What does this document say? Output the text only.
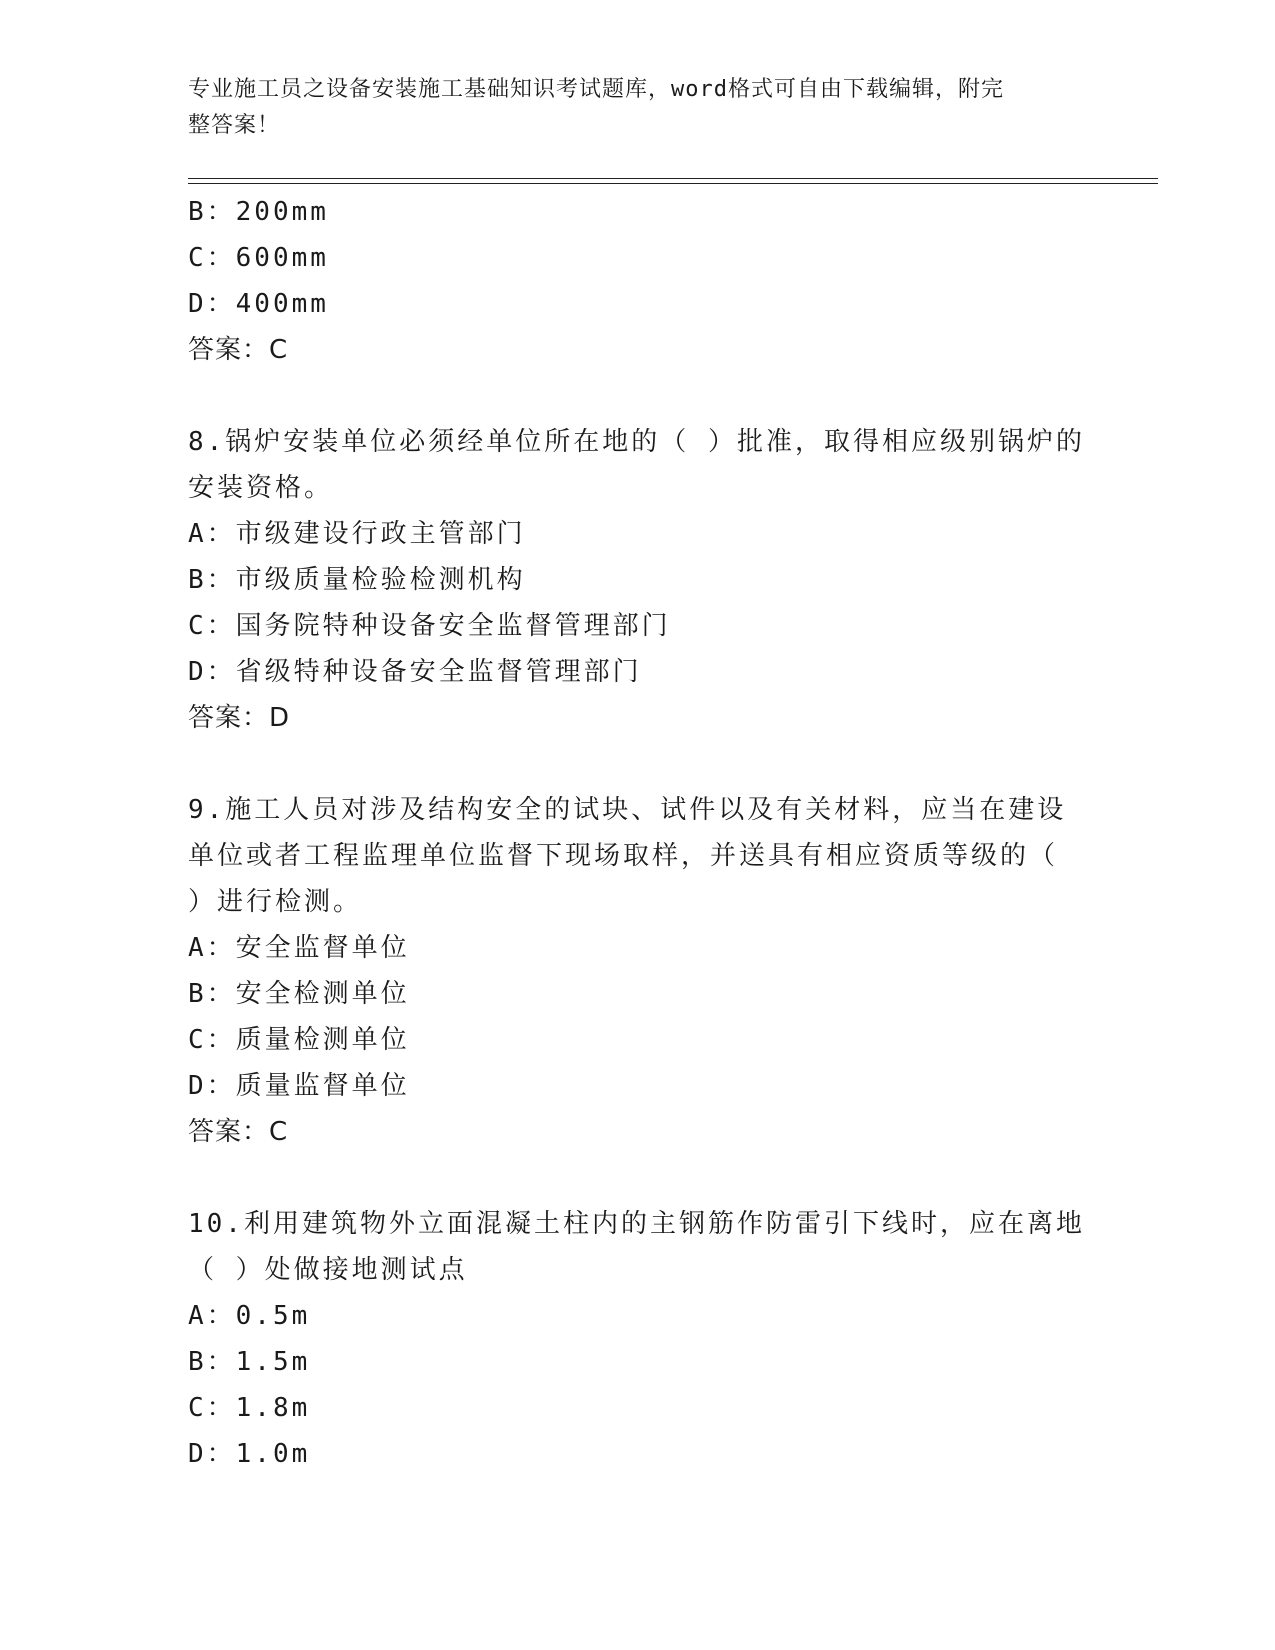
专业施工员之设备安装施工基础知识考试题库，word格式可自由下载编辑，附完
整答案！
B：200mm
C：600mm
D：400mm
答案：C
8.锅炉安装单位必须经单位所在地的（ ）批准，取得相应级别锅炉的
安装资格。
A：市级建设行政主管部门
B：市级质量检验检测机构
C：国务院特种设备安全监督管理部门
D：省级特种设备安全监督管理部门
答案：D
9.施工人员对涉及结构安全的试块、试件以及有关材料，应当在建设
单位或者工程监理单位监督下现场取样，并送具有相应资质等级的（
）进行检测。
A：安全监督单位
B：安全检测单位
C：质量检测单位
D：质量监督单位
答案：C
10.利用建筑物外立面混凝土柱内的主钢筋作防雷引下线时，应在离地
（ ）处做接地测试点
A：0.5m
B：1.5m
C：1.8m
D：1.0m
